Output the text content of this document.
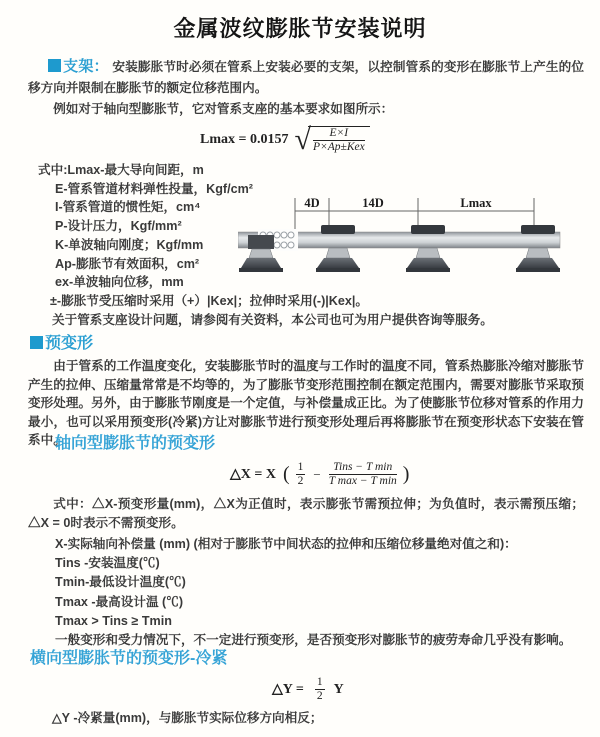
金属波纹膨胀节安装说明

支架： 安装膨胀节时必须在管系上安装必要的支架，以控制管系的变形在膨胀节上产生的位移方向并限制在膨胀节的额定位移范围内。

例如对于轴向型膨胀节，它对管系支座的基本要求如图所示：

Lmax = 0.0157 √
$\frac{E\times I}{\text{P×Ap±Kex}}$
式中:Lmax-最大导向间距，m
E-管系管道材料弹性投量，Kgf/cm²
I-管系管道的惯性矩，cm⁴
P-设计压力，Kgf/mm²
K-单波轴向刚度；Kgf/mm
Ap-膨胀节有效面积，cm²
ex-单波轴向位移，mm
±-膨胀节受压缩时采用（+）|Kex|；拉伸时采用(-)|Kex|。
关于管系支座设计问题，请参阅有关资料，本公司也可为用户提供咨询等服务。
4D	14D	Lmax
预变形

由于管系的工作温度变化，安装膨胀节时的温度与工作时的温度不同，管系热膨胀冷缩对膨胀节产生的拉伸、压缩量常常是不均等的，为了膨胀节变形范围控制在额定范围内，需要对膨胀节采取预变形处理。另外，由于膨胀节刚度是一个定值，与补偿量成正比。为了使膨胀节位移对管系的作用力最小，也可以采用预变形(冷紧)方让对膨胀节进行预变形处理后再将膨胀节在预变形状态下安装在管系中。

轴向型膨胀节的预变形
△X = X ( $\frac{1}{2} - \frac{\text{Tins − T min}}{\text{T max − T min}}$ )

式中：△X-预变形量(mm)，△X为正值时，表示膨张节需预拉伸；为负值时，表示需预压缩；△X = 0时表示不需预变形。

X-实际轴向补偿量 (mm) (相对于膨胀节中间状态的拉伸和压缩位移量绝对值之和)：
Tins -安装温度(℃)
Tmin-最低设计温度(℃)
Tmax -最高设计温 (℃)
Tmax > Tins ≥ Tmin
一般变形和受力情况下，不一定进行预变形，是否预变形对膨胀节的疲劳寿命几乎没有影响。
横向型膨胀节的预变形-冷紧
△Y = $\frac{1}{2}$ Y
△Y -冷紧量(mm)，与膨胀节实际位移方向相反；
